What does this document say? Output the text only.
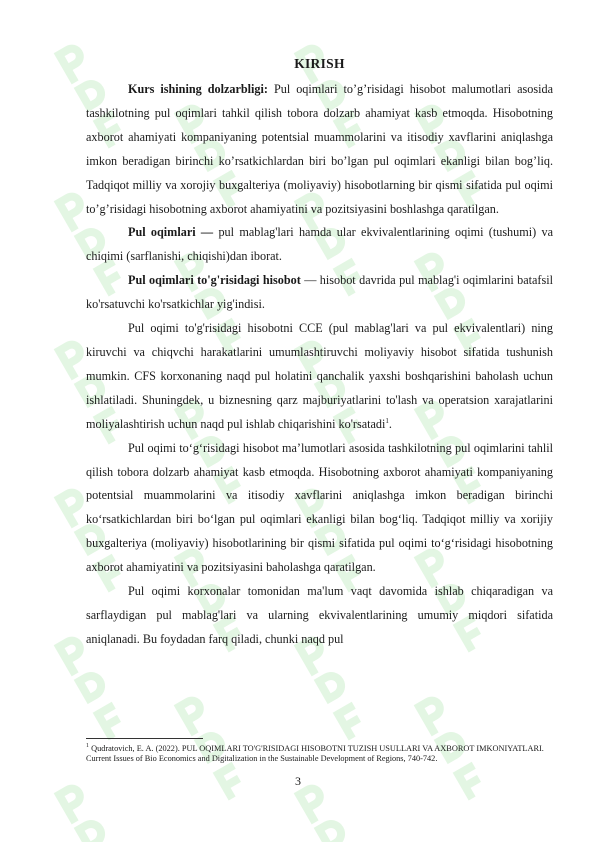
KIRISH

Kurs ishining dolzarbligi: Pul oqimlari to’g’risidagi hisobot malumotlari asosida tashkilotning pul oqimlari tahkil qilish tobora dolzarb ahamiyat kasb etmoqda. Hisobotning axborot ahamiyati kompaniyaning potentsial muammolarini va itisodiy xavflarini aniqlashga imkon beradigan birinchi ko’rsatkichlardan biri bo’lgan pul oqimlari ekanligi bilan bog’liq. Tadqiqot milliy va xorojiy buxgalteriya (moliyaviy) hisobotlarning bir qismi sifatida pul oqimi to’g’risidagi hisobotning axborot ahamiyatini va pozitsiyasini boshlashga qaratilgan.

Pul oqimlari — pul mablag'lari hamda ular ekvivalentlarining oqimi (tushumi) va chiqimi (sarflanishi, chiqishi)dan iborat.

Pul oqimlari to'g'risidagi hisobot — hisobot davrida pul mablag'i oqimlarini batafsil ko'rsatuvchi ko'rsatkichlar yig'indisi.

Pul oqimi to'g'risidagi hisobotni CCE (pul mablag'lari va pul ekvivalentlari) ning kiruvchi va chiqvchi harakatlarini umumlashtiruvchi moliyaviy hisobot sifatida tushunish mumkin. CFS korxonaning naqd pul holatini qanchalik yaxshi boshqarishini baholash uchun ishlatiladi. Shuningdek, u biznesning qarz majburiyatlarini to'lash va operatsion xarajatlarini moliyalashtirish uchun naqd pul ishlab chiqarishini ko'rsatadi$^1$.

Pul oqimi to‘g‘risidagi hisobot ma’lumotlari asosida tashkilotning pul oqimlarini tahlil qilish tobora dolzarb ahamiyat kasb etmoqda. Hisobotning axborot ahamiyati kompaniyaning potentsial muammolarini va itisodiy xavflarini aniqlashga imkon beradigan birinchi ko‘rsatkichlardan biri bo‘lgan pul oqimlari ekanligi bilan bog‘liq. Tadqiqot milliy va xorijiy buxgalteriya (moliyaviy) hisobotlarining bir qismi sifatida pul oqimi to‘g‘risidagi hisobotning axborot ahamiyatini va pozitsiyasini baholashga qaratilgan.

Pul oqimi korxonalar tomonidan ma'lum vaqt davomida ishlab chiqaradigan va sarflaydigan pul mablag'lari va ularning ekvivalentlarining umumiy miqdori sifatida aniqlanadi. Bu foydadan farq qiladi, chunki naqd pul

$^1$ Qudratovich, E. A. (2022). PUL OQIMLARI TO'G'RISIDAGI HISOBOTNI TUZISH USULLARI VA AXBOROT IMKONIYATLARI. Current Issues of Bio Economics and Digitalization in the Sustainable Development of Regions, 740-742.
3
